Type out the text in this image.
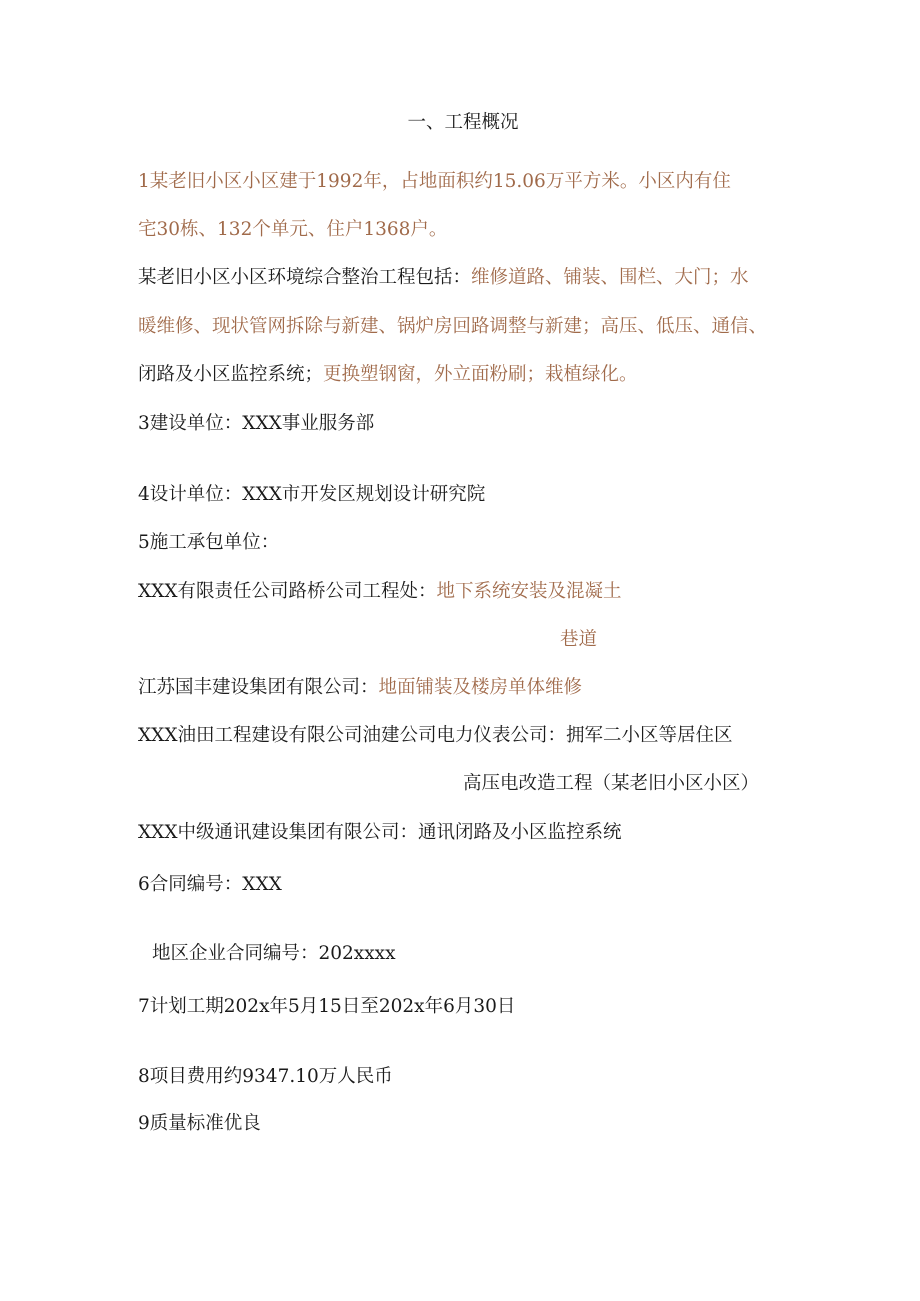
一、工程概况
1某老旧小区小区建于1992年，占地面积约15.06万平方米。小区内有住
宅30栋、132个单元、住户1368户。
某老旧小区小区环境综合整治工程包括：维修道路、铺装、围栏、大门；水
暖维修、现状管网拆除与新建、锅炉房回路调整与新建；高压、低压、通信、
闭路及小区监控系统；更换塑钢窗，外立面粉刷；栽植绿化。
3建设单位：XXX事业服务部
4设计单位：XXX市开发区规划设计研究院
5施工承包单位：
XXX有限责任公司路桥公司工程处：地下系统安装及混凝土
巷道
江苏国丰建设集团有限公司：地面铺装及楼房单体维修
XXX油田工程建设有限公司油建公司电力仪表公司：拥军二小区等居住区
高压电改造工程（某老旧小区小区）
XXX中级通讯建设集团有限公司：通讯闭路及小区监控系统
6合同编号：XXX
地区企业合同编号：202xxxx
7计划工期202x年5月15日至202x年6月30日
8项目费用约9347.10万人民币
9质量标准优良
